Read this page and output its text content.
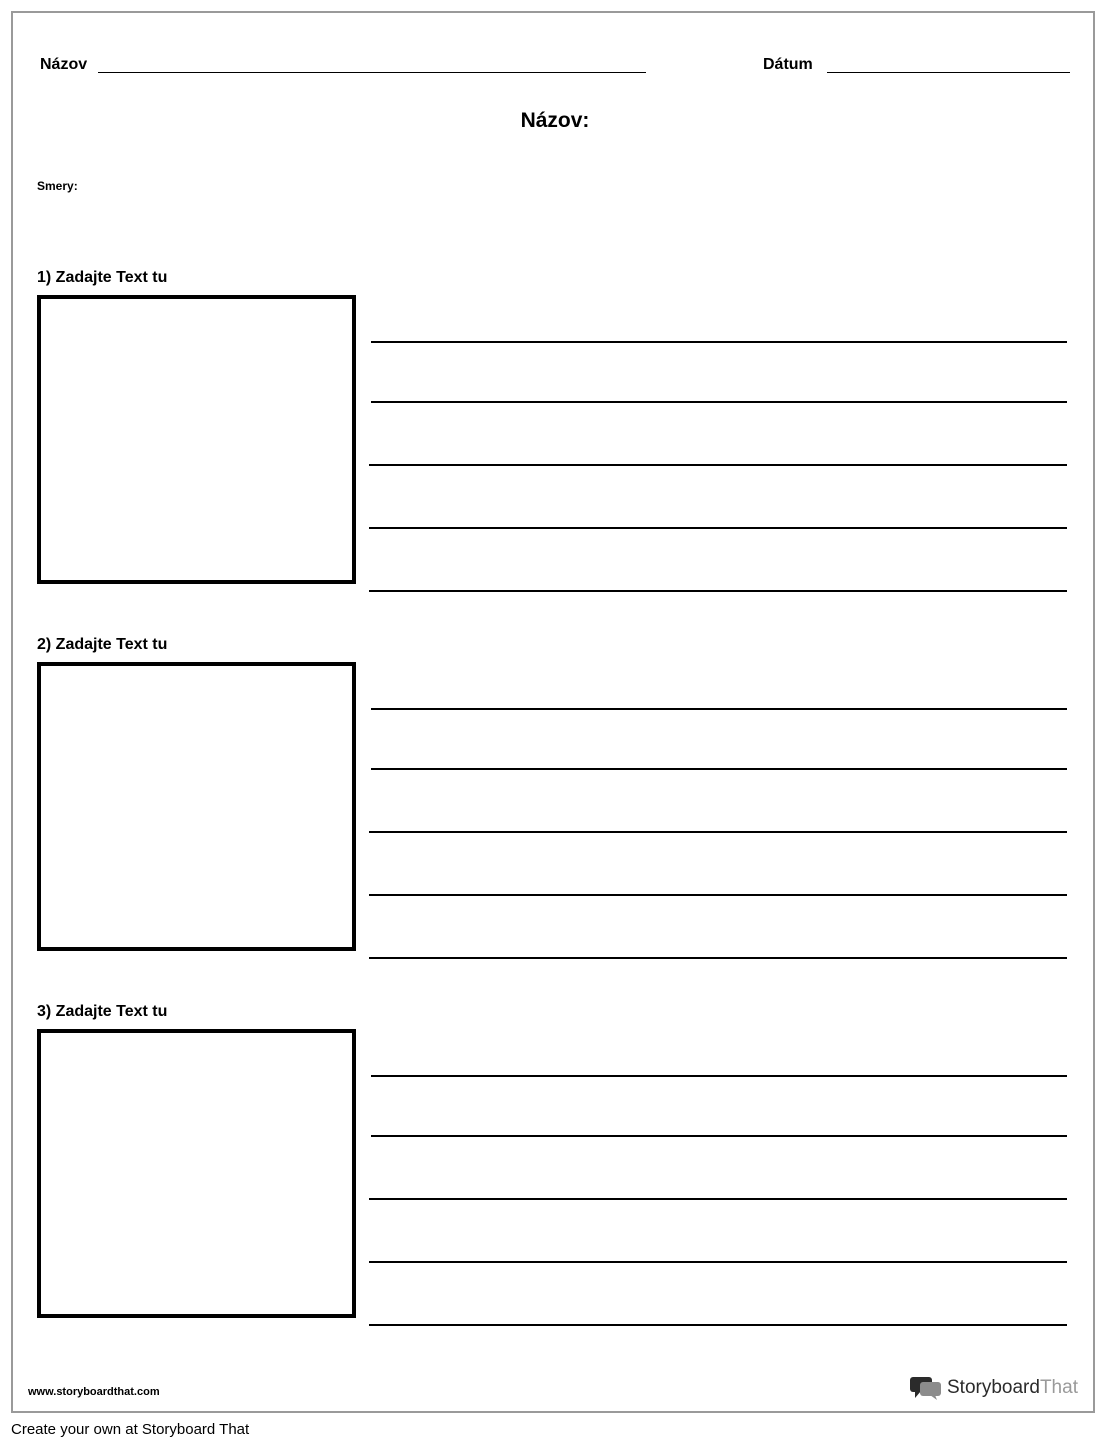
Názov	Dátum
Názov:
Smery:
1) Zadajte Text tu
2) Zadajte Text tu
3) Zadajte Text tu
www.storyboardthat.com	StoryboardThat
Create your own at Storyboard That
